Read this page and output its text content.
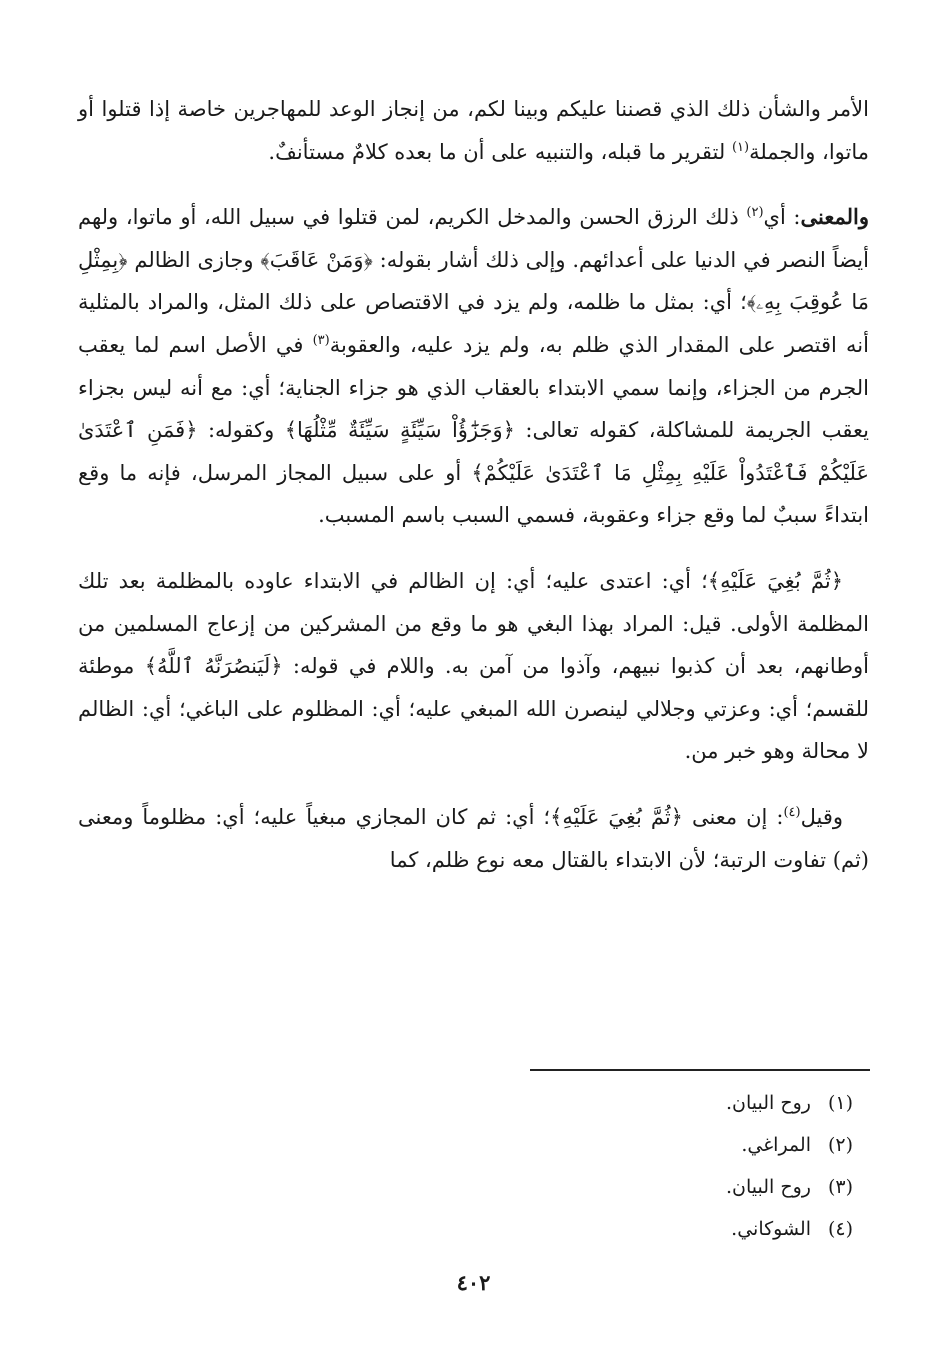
الأمر والشأن ذلك الذي قصننا عليكم وبينا لكم، من إنجاز الوعد للمهاجرين خاصة إذا قتلوا أو ماتوا، والجملة$^{(١)}$ لتقرير ما قبله، والتنبيه على أن ما بعده كلامٌ مستأنفٌ.

والمعنى: أي$^{(٢)}$ ذلك الرزق الحسن والمدخل الكريم، لمن قتلوا في سبيل الله، أو ماتوا، ولهم أيضاً النصر في الدنيا على أعدائهم. وإلى ذلك أشار بقوله: ﴿وَمَنْ عَاقَبَ﴾ وجازى الظالم ﴿بِمِثْلِ مَا عُوقِبَ بِهِۦ﴾؛ أي: بمثل ما ظلمه، ولم يزد في الاقتصاص على ذلك المثل، والمراد بالمثلية أنه اقتصر على المقدار الذي ظلم به، ولم يزد عليه، والعقوبة$^{(٣)}$ في الأصل اسم لما يعقب الجرم من الجزاء، وإنما سمي الابتداء بالعقاب الذي هو جزاء الجناية؛ أي: مع أنه ليس بجزاء يعقب الجريمة للمشاكلة، كقوله تعالى: ﴿وَجَزَٰٓؤُاْ سَيِّئَةٍ سَيِّئَةٌ مِّثْلُهَا﴾ وكقوله: ﴿فَمَنِ ٱعْتَدَىٰ عَلَيْكُمْ فَٱعْتَدُواْ عَلَيْهِ بِمِثْلِ مَا ٱعْتَدَىٰ عَلَيْكُمْ﴾ أو على سبيل المجاز المرسل، فإنه ما وقع ابتداءً سببٌ لما وقع جزاء وعقوبة، فسمي السبب باسم المسبب.

﴿ثُمَّ بُغِيَ عَلَيْهِ﴾؛ أي: اعتدى عليه؛ أي: إن الظالم في الابتداء عاوده بالمظلمة بعد تلك المظلمة الأولى. قيل: المراد بهذا البغي هو ما وقع من المشركين من إزعاج المسلمين من أوطانهم، بعد أن كذبوا نبيهم، وآذوا من آمن به. واللام في قوله: ﴿لَيَنصُرَنَّهُ ٱللَّهُ﴾ موطئة للقسم؛ أي: وعزتي وجلالي لينصرن الله المبغي عليه؛ أي: المظلوم على الباغي؛ أي: الظالم لا محالة وهو خبر من.

وقيل$^{(٤)}$: إن معنى ﴿ثُمَّ بُغِيَ عَلَيْهِ﴾؛ أي: ثم كان المجازي مبغياً عليه؛ أي: مظلوماً ومعنى (ثم) تفاوت الرتبة؛ لأن الابتداء بالقتال معه نوع ظلم، كما

(١)روح البيان.
(٢)المراغي.
(٣)روح البيان.
(٤)الشوكاني.
٤٠٢
